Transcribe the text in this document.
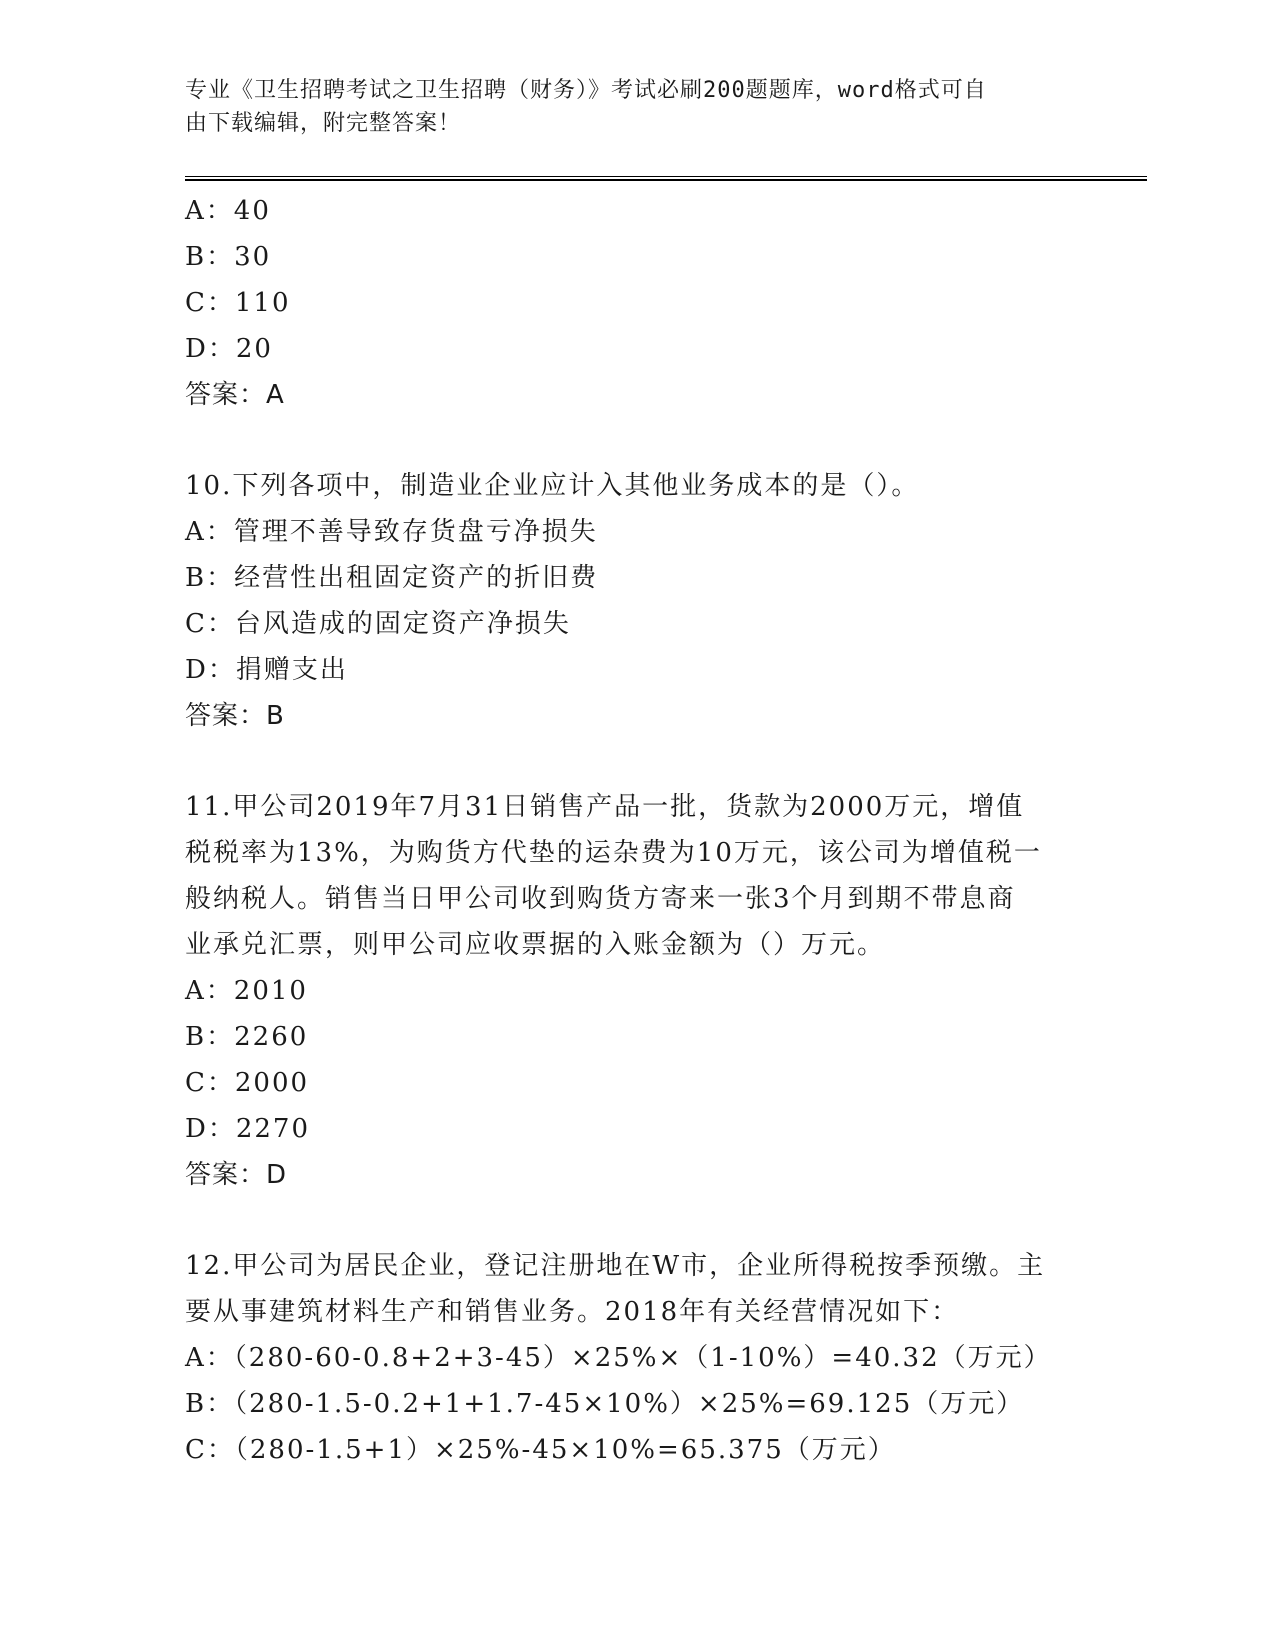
专业《卫生招聘考试之卫生招聘（财务）》考试必刷200题题库，word格式可自
由下载编辑，附完整答案！
A：40
B：30
C：110
D：20
答案：A
10.下列各项中，制造业企业应计入其他业务成本的是（）。
A：管理不善导致存货盘亏净损失
B：经营性出租固定资产的折旧费
C：台风造成的固定资产净损失
D：捐赠支出
答案：B
11.甲公司2019年7月31日销售产品一批，货款为2000万元，增值
税税率为13%，为购货方代垫的运杂费为10万元，该公司为增值税一
般纳税人。销售当日甲公司收到购货方寄来一张3个月到期不带息商
业承兑汇票，则甲公司应收票据的入账金额为（）万元。
A：2010
B：2260
C：2000
D：2270
答案：D
12.甲公司为居民企业，登记注册地在W市，企业所得税按季预缴。主
要从事建筑材料生产和销售业务。2018年有关经营情况如下：
A：（280-60-0.8+2+3-45）×25%×（1-10%）=40.32（万元）
B：（280-1.5-0.2+1+1.7-45×10%）×25%=69.125（万元）
C：（280-1.5+1）×25%-45×10%=65.375（万元）
